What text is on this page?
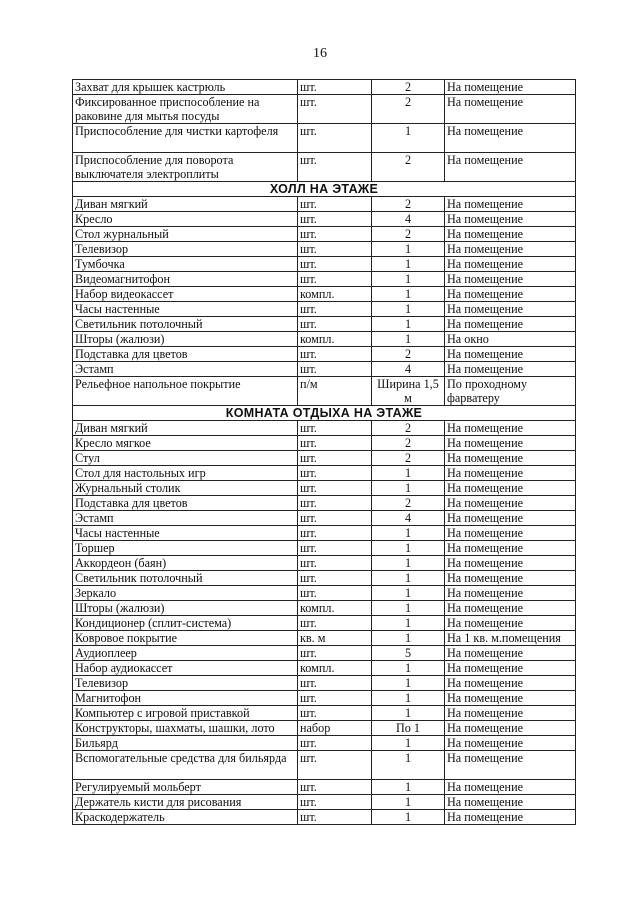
16
Захват для крышек кастрюль	шт.	2	На помещение
Фиксированное приспособление на раковине для мытья посуды	шт.	2	На помещение
Приспособление для чистки картофеля	шт.	1	На помещение
Приспособление для поворота выключателя электроплиты	шт.	2	На помещение
ХОЛЛ НА ЭТАЖЕ			
Диван мягкий	шт.	2	На помещение
Кресло	шт.	4	На помещение
Стол журнальный	шт.	2	На помещение
Телевизор	шт.	1	На помещение
Тумбочка	шт.	1	На помещение
Видеомагнитофон	шт.	1	На помещение
Набор видеокассет	компл.	1	На помещение
Часы настенные	шт.	1	На помещение
Светильник потолочный	шт.	1	На помещение
Шторы (жалюзи)	компл.	1	На окно
Подставка для цветов	шт.	2	На помещение
Эстамп	шт.	4	На помещение
Рельефное напольное покрытие	п/м	Ширина 1,5 м	По проходному фарватеру
КОМНАТА ОТДЫХА НА ЭТАЖЕ			
Диван мягкий	шт.	2	На помещение
Кресло мягкое	шт.	2	На помещение
Стул	шт.	2	На помещение
Стол для настольных игр	шт.	1	На помещение
Журнальный столик	шт.	1	На помещение
Подставка для цветов	шт.	2	На помещение
Эстамп	шт.	4	На помещение
Часы настенные	шт.	1	На помещение
Торшер	шт.	1	На помещение
Аккордеон (баян)	шт.	1	На помещение
Светильник потолочный	шт.	1	На помещение
Зеркало	шт.	1	На помещение
Шторы (жалюзи)	компл.	1	На помещение
Кондиционер (сплит-система)	шт.	1	На помещение
Ковровое покрытие	кв. м	1	На 1 кв. м.помещения
Аудиоплеер	шт.	5	На помещение
Набор аудиокассет	компл.	1	На помещение
Телевизор	шт.	1	На помещение
Магнитофон	шт.	1	На помещение
Компьютер с игровой приставкой	шт.	1	На помещение
Конструкторы, шахматы, шашки, лото	набор	По 1	На помещение
Бильярд	шт.	1	На помещение
Вспомогательные средства для бильярда	шт.	1	На помещение
Регулируемый мольберт	шт.	1	На помещение
Держатель кисти для рисования	шт.	1	На помещение
Краскодержатель	шт.	1	На помещение
